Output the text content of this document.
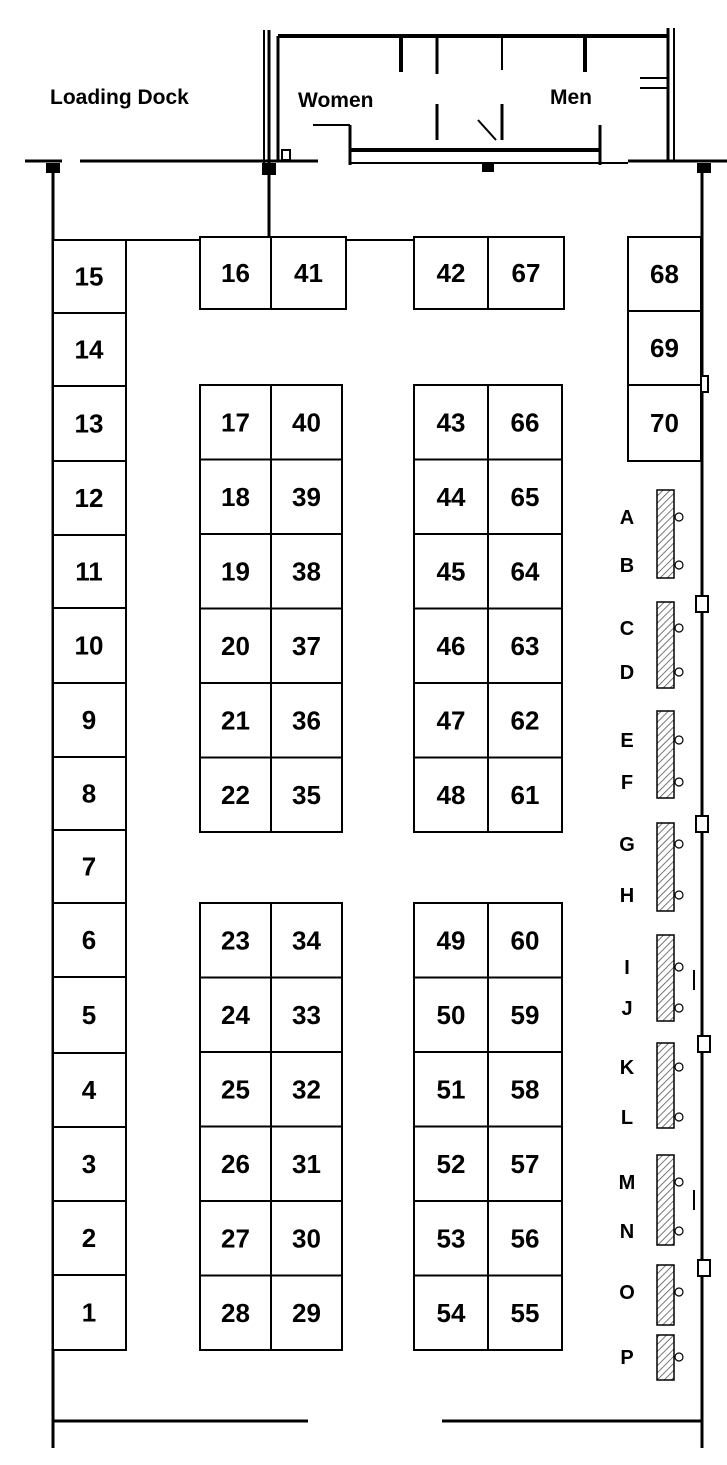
Loading Dock	Women	Men
15
14
13
12
11
10
9
8
7
6
5
4
3
2
1
16 41	42 67	68
69
70
17 40
18 39
19 38
20 37
21 36
22 35
43 66
44 65
45 64
46 63
47 62
48 61
23 34
24 33
25 32
26 31
27 30
28 29
49 60
50 59
51 58
52 57
53 56
54 55
A
B
C
D
E
F
G
H
I
J
K
L
M
N
O
P
